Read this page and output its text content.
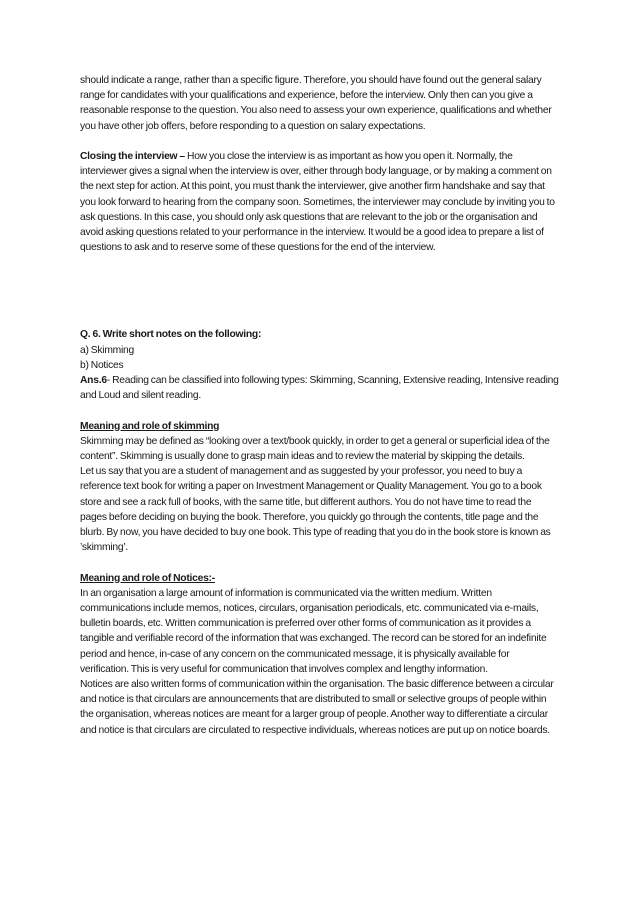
should indicate a range, rather than a specific figure. Therefore, you should have found out the general salary range for candidates with your qualifications and experience, before the interview. Only then can you give a reasonable response to the question. You also need to assess your own experience, qualifications and whether you have other job offers, before responding to a question on salary expectations.

Closing the interview – How you close the interview is as important as how you open it. Normally, the interviewer gives a signal when the interview is over, either through body language, or by making a comment on the next step for action. At this point, you must thank the interviewer, give another firm handshake and say that you look forward to hearing from the company soon. Sometimes, the interviewer may conclude by inviting you to ask questions. In this case, you should only ask questions that are relevant to the job or the organisation and avoid asking questions related to your performance in the interview. It would be a good idea to prepare a list of questions to ask and to reserve some of these questions for the end of the interview.

Q. 6. Write short notes on the following:

a) Skimming

b) Notices

Ans.6- Reading can be classified into following types: Skimming, Scanning, Extensive reading, Intensive reading and Loud and silent reading.

Meaning and role of skimming

Skimming may be defined as “looking over a text/book quickly, in order to get a general or superficial idea of the content”. Skimming is usually done to grasp main ideas and to review the material by skipping the details.

Let us say that you are a student of management and as suggested by your professor, you need to buy a reference text book for writing a paper on Investment Management or Quality Management. You go to a book store and see a rack full of books, with the same title, but different authors. You do not have time to read the pages before deciding on buying the book. Therefore, you quickly go through the contents, title page and the blurb. By now, you have decided to buy one book. This type of reading that you do in the book store is known as ’skimming’.

Meaning and role of Notices:-

In an organisation a large amount of information is communicated via the written medium. Written communications include memos, notices, circulars, organisation periodicals, etc. communicated via e-mails, bulletin boards, etc. Written communication is preferred over other forms of communication as it provides a tangible and verifiable record of the information that was exchanged. The record can be stored for an indefinite period and hence, in-case of any concern on the communicated message, it is physically available for verification. This is very useful for communication that involves complex and lengthy information.

Notices are also written forms of communication within the organisation. The basic difference between a circular and notice is that circulars are announcements that are distributed to small or selective groups of people within the organisation, whereas notices are meant for a larger group of people. Another way to differentiate a circular and notice is that circulars are circulated to respective individuals, whereas notices are put up on notice boards.
